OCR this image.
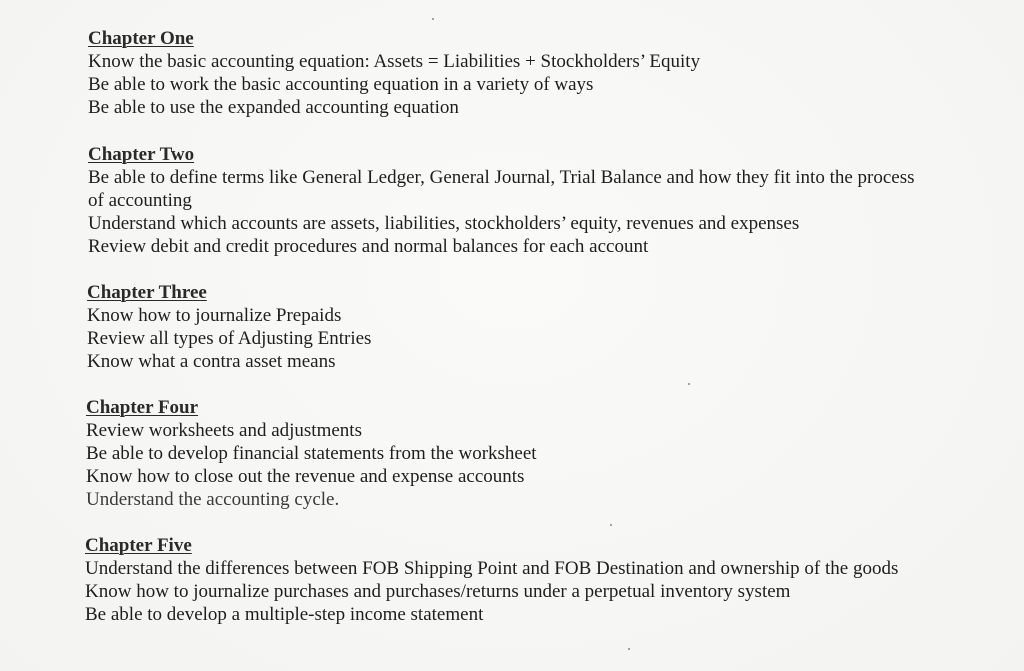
Chapter One

Know the basic accounting equation: Assets = Liabilities + Stockholders’ Equity

Be able to work the basic accounting equation in a variety of ways

Be able to use the expanded accounting equation

Chapter Two

Be able to define terms like General Ledger, General Journal, Trial Balance and how they fit into the process of accounting

Understand which accounts are assets, liabilities, stockholders’ equity, revenues and expenses

Review debit and credit procedures and normal balances for each account

Chapter Three

Know how to journalize Prepaids

Review all types of Adjusting Entries

Know what a contra asset means

Chapter Four

Review worksheets and adjustments

Be able to develop financial statements from the worksheet

Know how to close out the revenue and expense accounts

Understand the accounting cycle.

Chapter Five

Understand the differences between FOB Shipping Point and FOB Destination and ownership of the goods

Know how to journalize purchases and purchases/returns under a perpetual inventory system

Be able to develop a multiple-step income statement
